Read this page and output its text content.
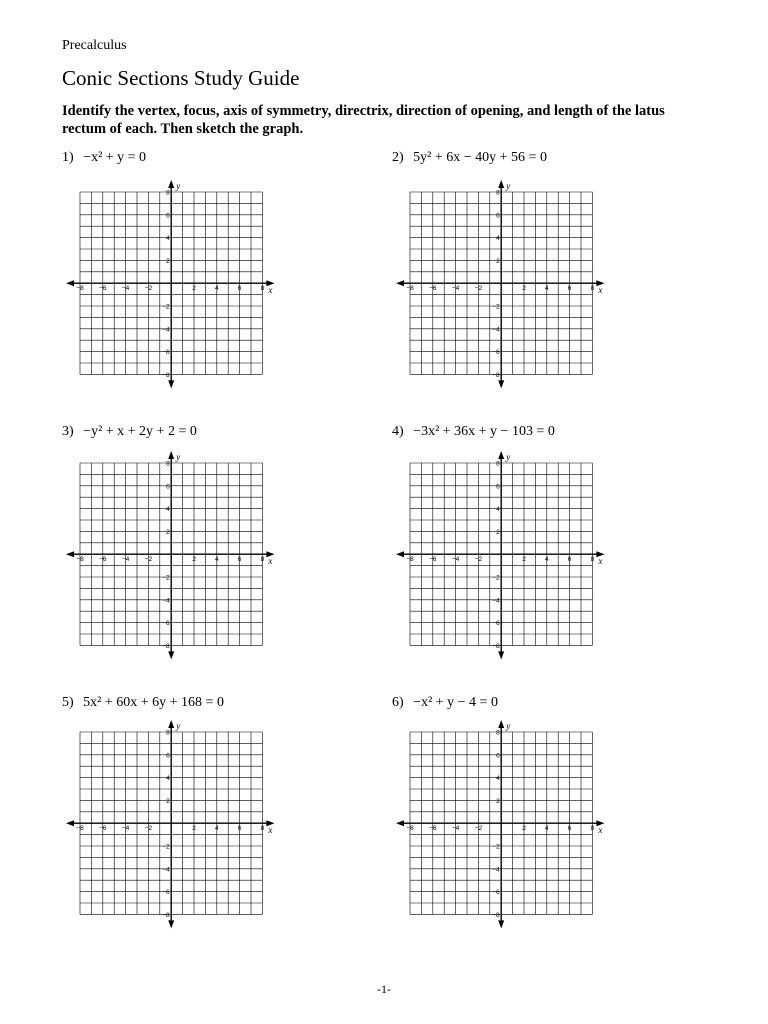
Precalculus
Conic Sections Study Guide
Identify the vertex, focus, axis of symmetry, directrix, direction of opening, and length of the latus rectum of each. Then sketch the graph.
1) −x² + y = 0
x
y
−8 −6 −4 −2	2	4	6	8
8
6
4
2
−2
−4
−6
−8
2) 5y² + 6x − 40y + 56 = 0
x
y
−8 −6 −4 −2	2	4	6	8
8
6
4
2
−2
−4
−6
−8
3) −y² + x + 2y + 2 = 0
x
y
−8 −6 −4 −2	2	4	6	8
8
6
4
2
−2
−4
−6
−8
4) −3x² + 36x + y − 103 = 0
x
y
−8 −6 −4 −2	2	4	6	8
8
6
4
2
−2
−4
−6
−8
5) 5x² + 60x + 6y + 168 = 0
x
y
−8 −6 −4 −2	2	4	6	8
8
6
4
2
−2
−4
−6
−8
6) −x² + y − 4 = 0
x
y
−8 −6 −4 −2	2	4	6	8
8
6
4
2
−2
−4
−6
−8
-1-
